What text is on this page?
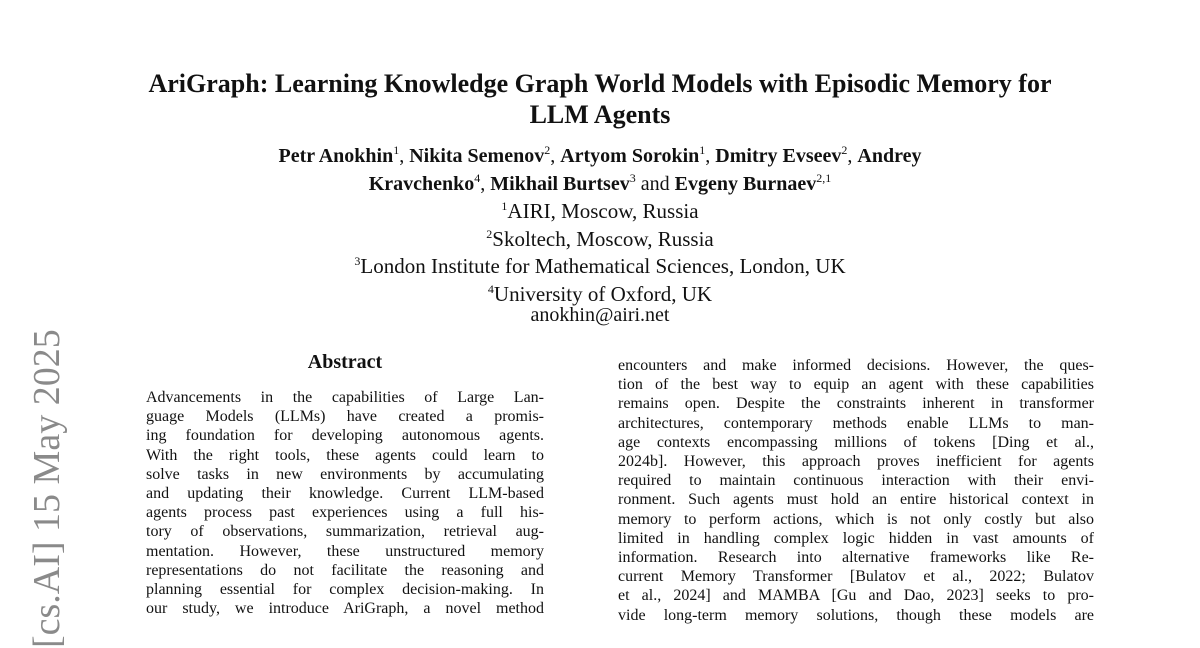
AriGraph: Learning Knowledge Graph World Models with Episodic Memory for
LLM Agents
Petr Anokhin$^1$, Nikita Semenov$^2$, Artyom Sorokin$^1$, Dmitry Evseev$^2$, Andrey
Kravchenko$^4$, Mikhail Burtsev$^3$ and Evgeny Burnaev$^{2,1}$
$^1$AIRI, Moscow, Russia
$^2$Skoltech, Moscow, Russia
$^3$London Institute for Mathematical Sciences, London, UK
$^4$University of Oxford, UK
anokhin@airi.net
[cs.AI] 15 May 2025	Abstract
Advancements in the capabilities of Large Lan-
guage Models (LLMs) have created a promis-
ing foundation for developing autonomous agents.
With the right tools, these agents could learn to
solve tasks in new environments by accumulating
and updating their knowledge. Current LLM-based
agents process past experiences using a full his-
tory of observations, summarization, retrieval aug-
mentation. However, these unstructured memory
representations do not facilitate the reasoning and
planning essential for complex decision-making. In
our study, we introduce AriGraph, a novel method
encounters and make informed decisions. However, the ques-
tion of the best way to equip an agent with these capabilities
remains open. Despite the constraints inherent in transformer
architectures, contemporary methods enable LLMs to man-
age contexts encompassing millions of tokens [Ding et al.,
2024b]. However, this approach proves inefficient for agents
required to maintain continuous interaction with their envi-
ronment. Such agents must hold an entire historical context in
memory to perform actions, which is not only costly but also
limited in handling complex logic hidden in vast amounts of
information. Research into alternative frameworks like Re-
current Memory Transformer [Bulatov et al., 2022; Bulatov
et al., 2024] and MAMBA [Gu and Dao, 2023] seeks to pro-
vide long-term memory solutions, though these models are
